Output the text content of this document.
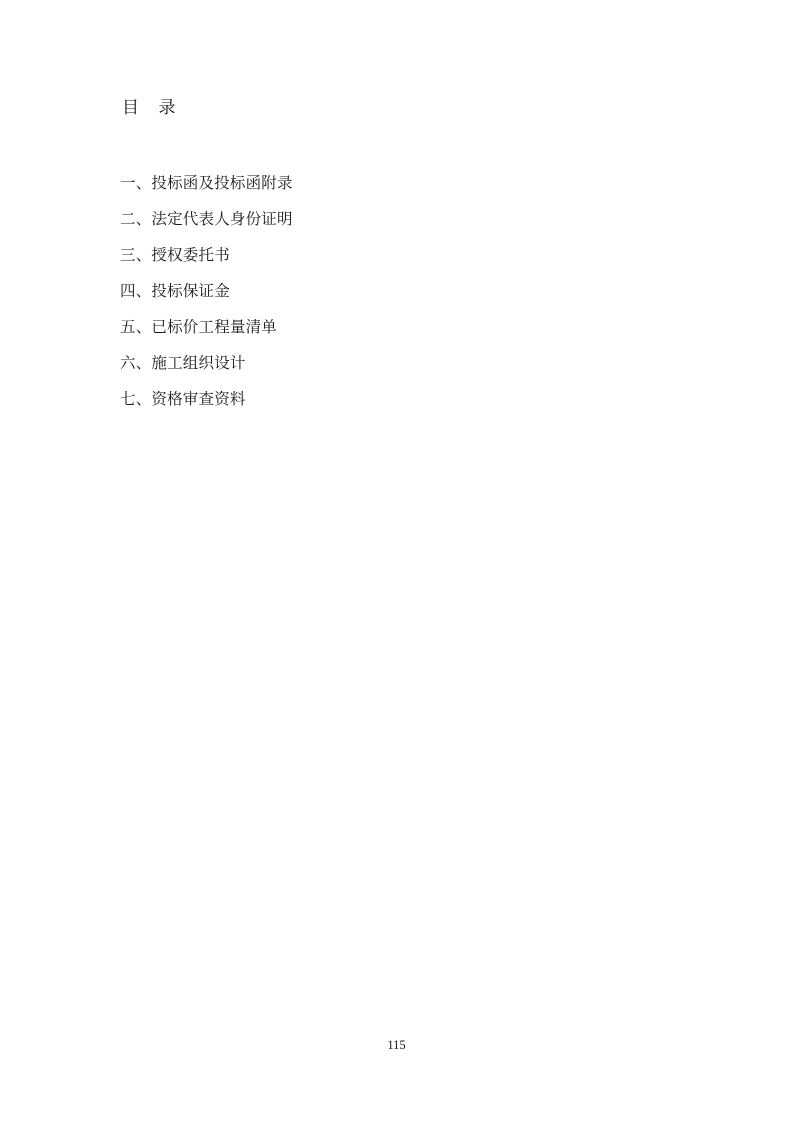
目    录
一、投标函及投标函附录
二、法定代表人身份证明
三、授权委托书
四、投标保证金
五、已标价工程量清单
六、施工组织设计
七、资格审查资料
115
